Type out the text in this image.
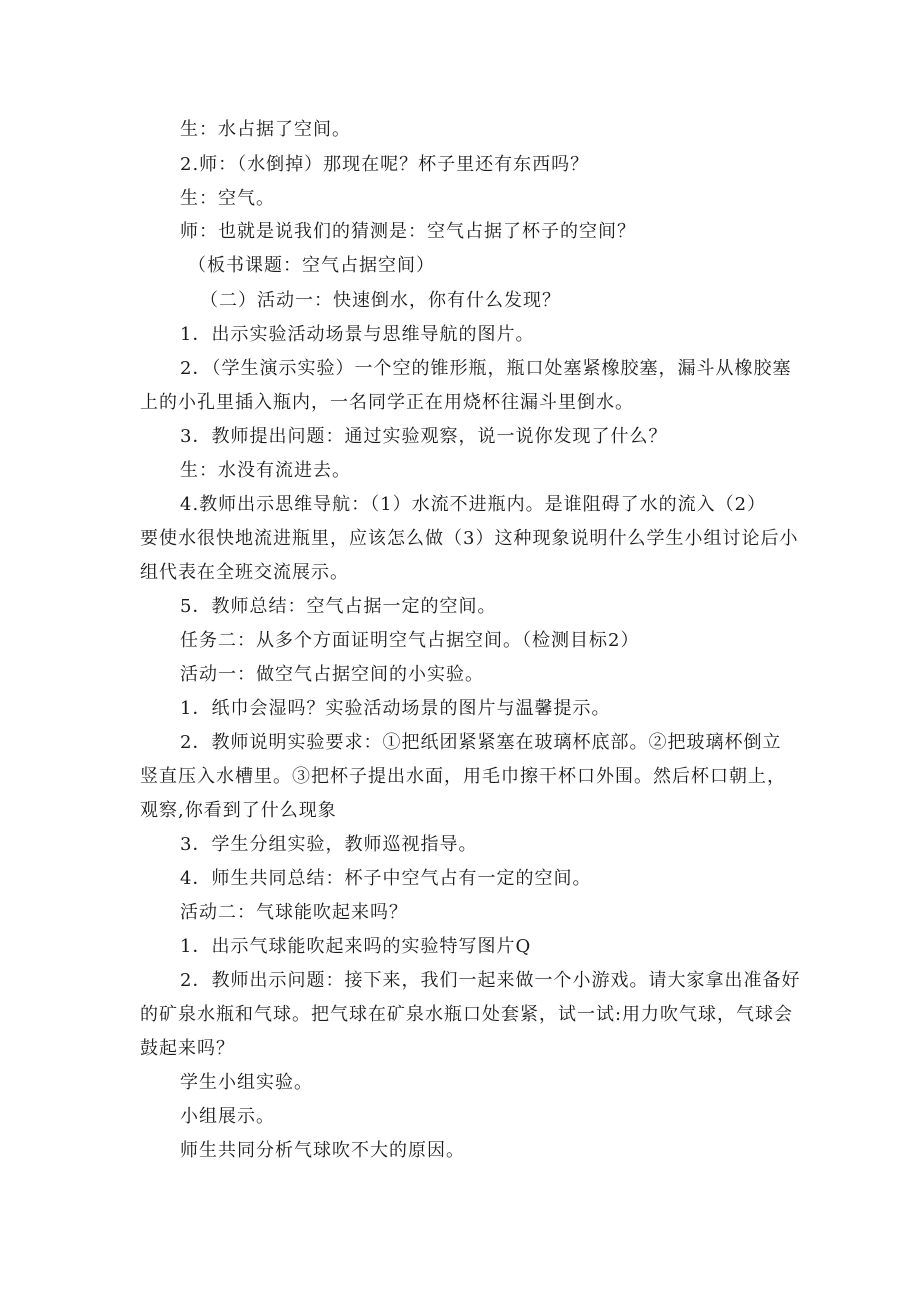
生：水占据了空间。
2.师：（水倒掉）那现在呢？杯子里还有东西吗？
生：空气。
师：也就是说我们的猜测是：空气占据了杯子的空间？
（板书课题：空气占据空间）
（二）活动一：快速倒水，你有什么发现？
1．出示实验活动场景与思维导航的图片。
2．（学生演示实验）一个空的锥形瓶，瓶口处塞紧橡胶塞，漏斗从橡胶塞
上的小孔里插入瓶内，一名同学正在用烧杯往漏斗里倒水。
3．教师提出问题：通过实验观察，说一说你发现了什么？
生：水没有流进去。
4.教师出示思维导航：（1）水流不进瓶内。是谁阻碍了水的流入（2）
要使水很快地流进瓶里，应该怎么做（3）这种现象说明什么学生小组讨论后小
组代表在全班交流展示。
5．教师总结：空气占据一定的空间。
任务二：从多个方面证明空气占据空间。（检测目标2）
活动一：做空气占据空间的小实验。
1．纸巾会湿吗？实验活动场景的图片与温馨提示。
2．教师说明实验要求：①把纸团紧紧塞在玻璃杯底部。②把玻璃杯倒立
竖直压入水槽里。③把杯子提出水面，用毛巾擦干杯口外围。然后杯口朝上，
观察,你看到了什么现象
3．学生分组实验，教师巡视指导。
4．师生共同总结：杯子中空气占有一定的空间。
活动二：气球能吹起来吗？
1．出示气球能吹起来吗的实验特写图片Q
2．教师出示问题：接下来，我们一起来做一个小游戏。请大家拿出准备好
的矿泉水瓶和气球。把气球在矿泉水瓶口处套紧，试一试:用力吹气球，气球会
鼓起来吗？
学生小组实验。
小组展示。
师生共同分析气球吹不大的原因。
